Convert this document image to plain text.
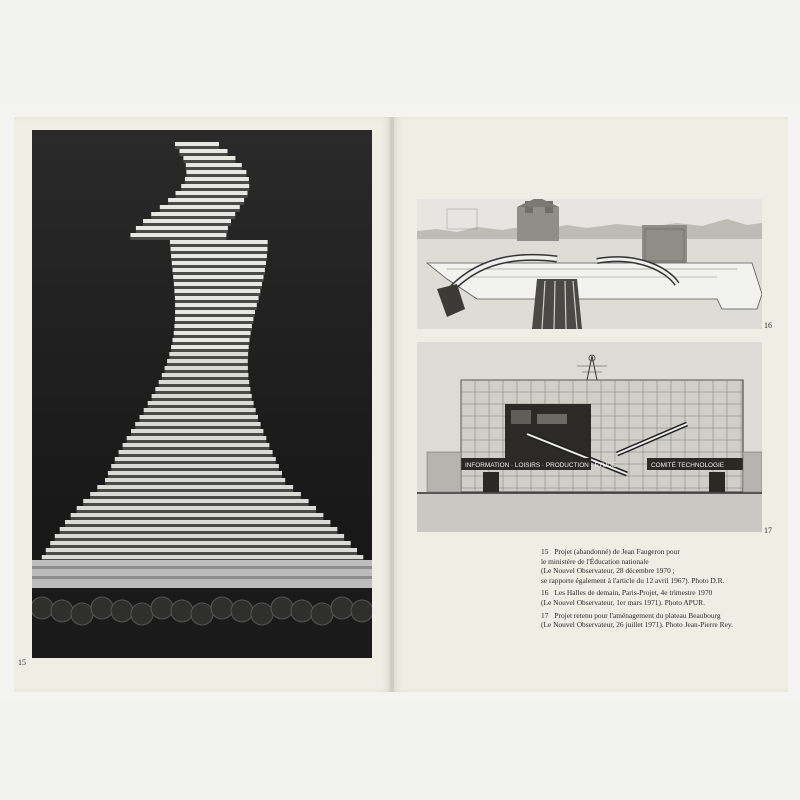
15
16
INFORMATION · LOISIRS · PRODUCTION · ÉTUDE	COMITÉ TECHNOLOGIE
17
15 Projet (abandonné) de Jean Faugeron pour
le ministère de l'Éducation nationale
(Le Nouvel Observateur, 28 décembre 1970 ;
se rapporte également à l'article du 12 avril 1967). Photo D.R.
16 Les Halles de demain, Paris-Projet, 4e trimestre 1970
(Le Nouvel Observateur, 1er mars 1971). Photo APUR.
17 Projet retenu pour l'aménagement du plateau Beaubourg
(Le Nouvel Observateur, 26 juillet 1971). Photo Jean-Pierre Rey.
